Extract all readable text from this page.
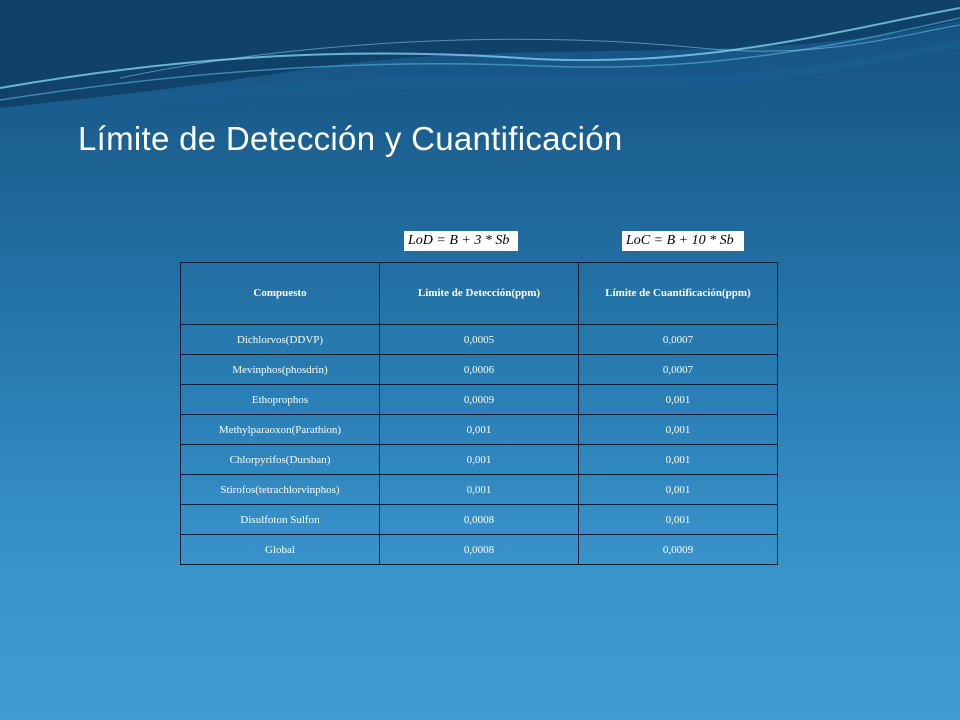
Límite de Detección y Cuantificación
LoD = B + 3 * Sb	LoC = B + 10 * Sb
Compuesto	Limite de Detección(ppm)	Límite de Cuantificación(ppm)
Dichlorvos(DDVP)	0,0005	0,0007
Mevinphos(phosdrin)	0,0006	0,0007
Ethoprophos	0,0009	0,001
Methylparaoxon(Parathion)	0,001	0,001
Chlorpyrifos(Dursban)	0,001	0,001
Stirofos(tetrachlorvinphos)	0,001	0,001
Disulfoton Sulfon	0,0008	0,001
Global	0,0008	0,0009
